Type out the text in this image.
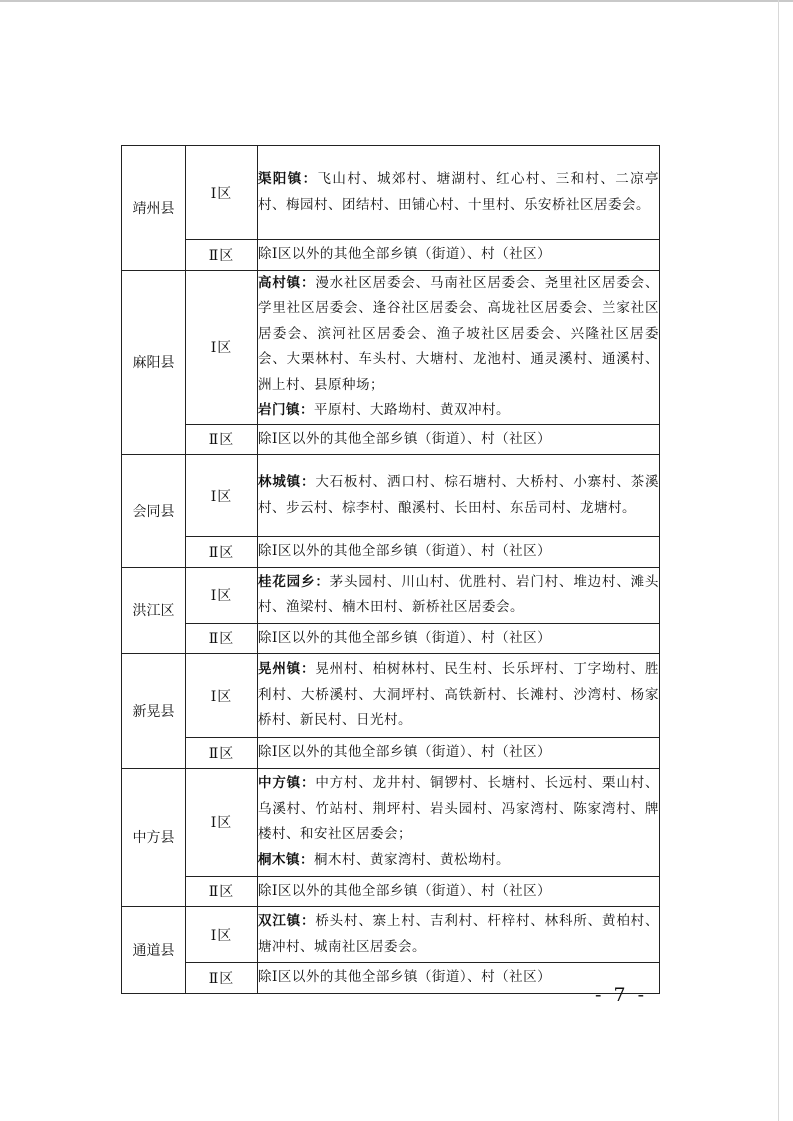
靖州县	Ⅰ区	渠阳镇：飞山村、城郊村、塘湖村、红心村、三和村、二凉亭村、梅园村、团结村、田铺心村、十里村、乐安桥社区居委会。
	Ⅱ区	除Ⅰ区以外的其他全部乡镇（街道）、村（社区）
麻阳县	Ⅰ区	高村镇：漫水社区居委会、马南社区居委会、尧里社区居委会、学里社区居委会、逢谷社区居委会、高垅社区居委会、兰家社区居委会、滨河社区居委会、渔子坡社区居委会、兴隆社区居委会、大栗林村、车头村、大塘村、龙池村、通灵溪村、通溪村、洲上村、县原种场；
岩门镇：平原村、大路坳村、黄双冲村。

	Ⅱ区	除Ⅰ区以外的其他全部乡镇（街道）、村（社区）
会同县	Ⅰ区	林城镇：大石板村、洒口村、棕石塘村、大桥村、小寨村、茶溪村、步云村、棕李村、酿溪村、长田村、东岳司村、龙塘村。
	Ⅱ区	除Ⅰ区以外的其他全部乡镇（街道）、村（社区）
洪江区	Ⅰ区	桂花园乡：茅头园村、川山村、优胜村、岩门村、堆边村、滩头村、渔梁村、楠木田村、新桥社区居委会。
	Ⅱ区	除Ⅰ区以外的其他全部乡镇（街道）、村（社区）
新晃县	Ⅰ区	晃州镇：晃州村、柏树林村、民生村、长乐坪村、丁字坳村、胜利村、大桥溪村、大洞坪村、高铁新村、长滩村、沙湾村、杨家桥村、新民村、日光村。
	Ⅱ区	除Ⅰ区以外的其他全部乡镇（街道）、村（社区）
中方县	Ⅰ区	中方镇：中方村、龙井村、铜锣村、长塘村、长远村、栗山村、乌溪村、竹站村、荆坪村、岩头园村、冯家湾村、陈家湾村、牌楼村、和安社区居委会；
桐木镇：桐木村、黄家湾村、黄松坳村。

	Ⅱ区	除Ⅰ区以外的其他全部乡镇（街道）、村（社区）
通道县	Ⅰ区	双江镇：桥头村、寨上村、吉利村、杆梓村、林科所、黄柏村、塘冲村、城南社区居委会。
	Ⅱ区	除Ⅰ区以外的其他全部乡镇（街道）、村（社区）
- 7 -
